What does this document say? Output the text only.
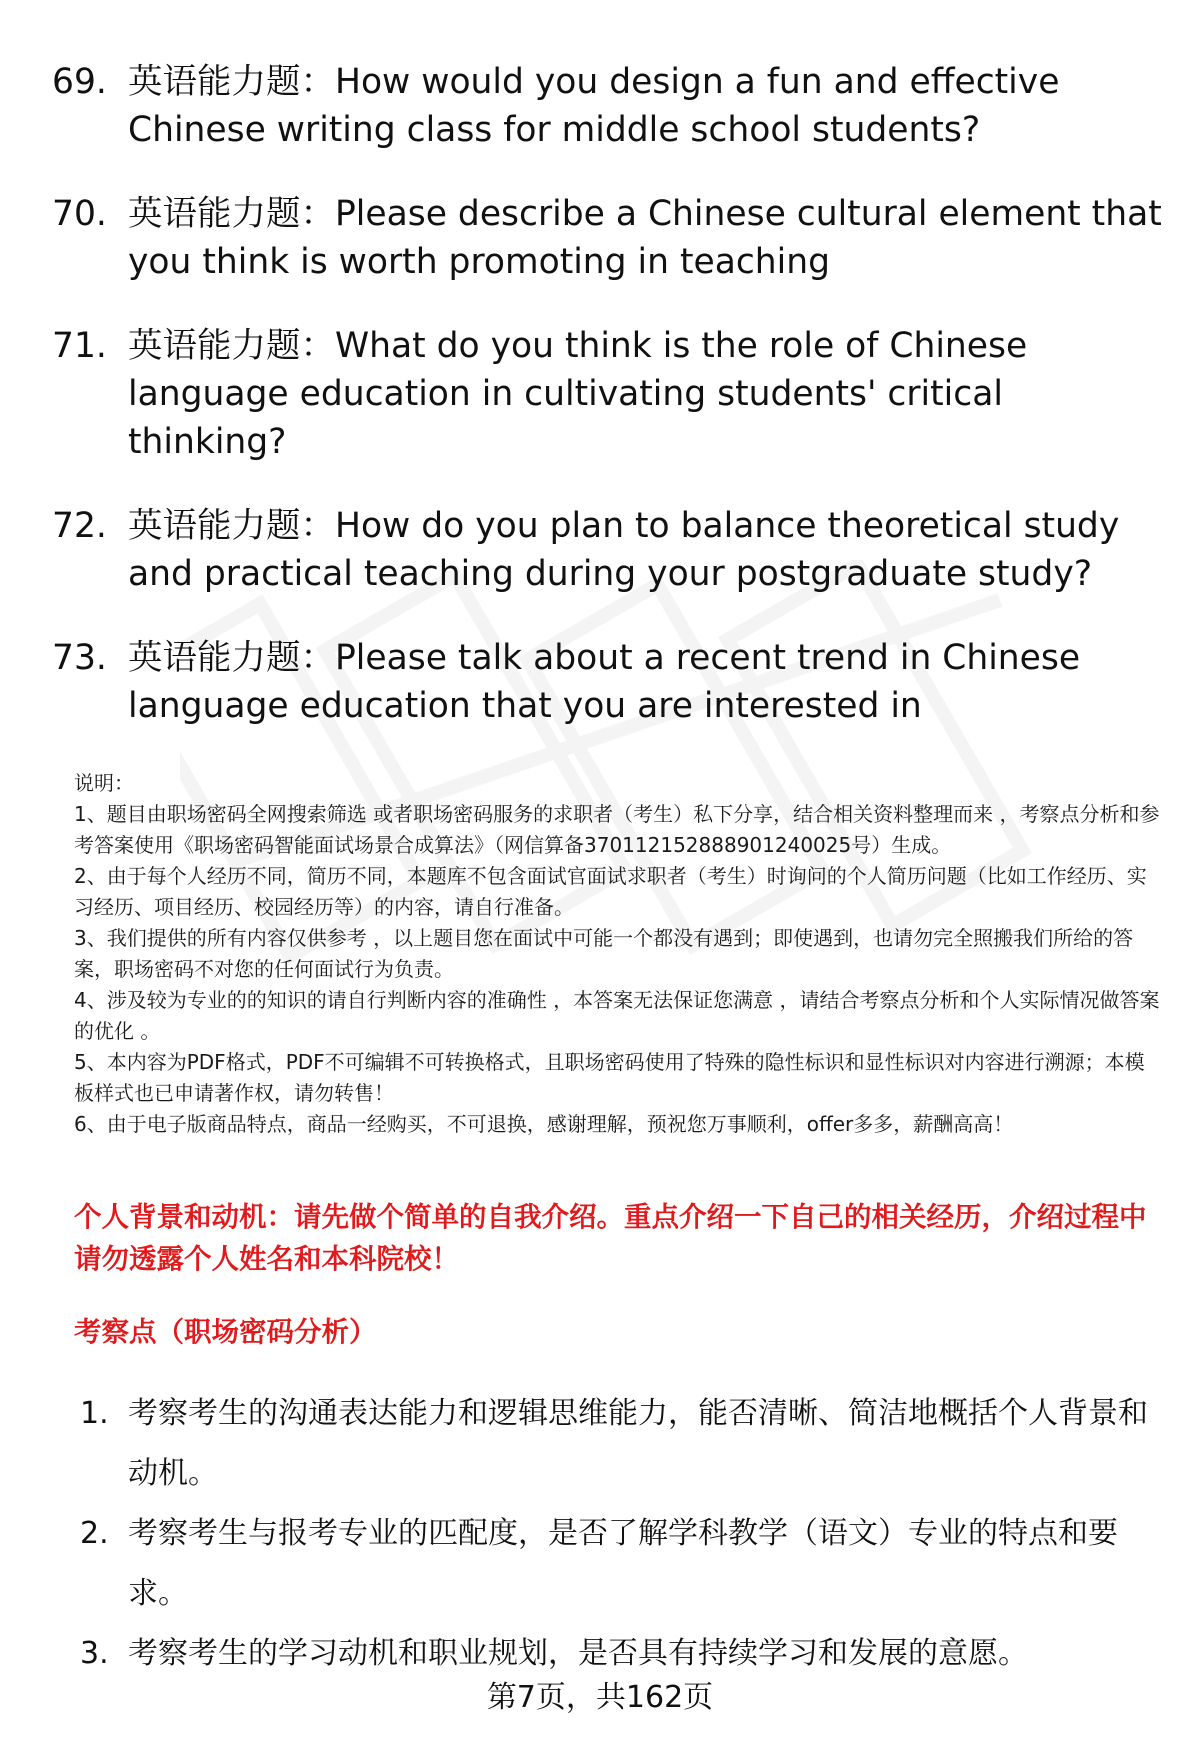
69. 英语能力题：How would you design a fun and effective Chinese writing class for middle school students?
70. 英语能力题：Please describe a Chinese cultural element that you think is worth promoting in teaching
71. 英语能力题：What do you think is the role of Chinese language education in cultivating students' critical thinking?
72. 英语能力题：How do you plan to balance theoretical study and practical teaching during your postgraduate study?
73. 英语能力题：Please talk about a recent trend in Chinese language education that you are interested in

说明：

1、题目由职场密码全网搜索筛选 或者职场密码服务的求职者（考生）私下分享，结合相关资料整理而来 ，考察点分析和参考答案使用《职场密码智能面试场景合成算法》（网信算备370112152888901240025号）生成。

2、由于每个人经历不同，简历不同，本题库不包含面试官面试求职者（考生）时询问的个人简历问题（比如工作经历、实习经历、项目经历、校园经历等）的内容，请自行准备。

3、我们提供的所有内容仅供参考 ，以上题目您在面试中可能一个都没有遇到；即使遇到，也请勿完全照搬我们所给的答案，职场密码不对您的任何面试行为负责。

4、涉及较为专业的的知识的请自行判断内容的准确性 ，本答案无法保证您满意 ，请结合考察点分析和个人实际情况做答案的优化 。

5、本内容为PDF格式，PDF不可编辑不可转换格式，且职场密码使用了特殊的隐性标识和显性标识对内容进行溯源；本模板样式也已申请著作权，请勿转售！

6、由于电子版商品特点，商品一经购买，不可退换，感谢理解，预祝您万事顺利，offer多多，薪酬高高！

个人背景和动机：请先做个简单的自我介绍。重点介绍一下自己的相关经历，介绍过程中请勿透露个人姓名和本科院校！
考察点（职场密码分析）
1. 考察考生的沟通表达能力和逻辑思维能力，能否清晰、简洁地概括个人背景和动机。
2. 考察考生与报考专业的匹配度，是否了解学科教学（语文）专业的特点和要求。
3. 考察考生的学习动机和职业规划，是否具有持续学习和发展的意愿。
第7页，共162页
